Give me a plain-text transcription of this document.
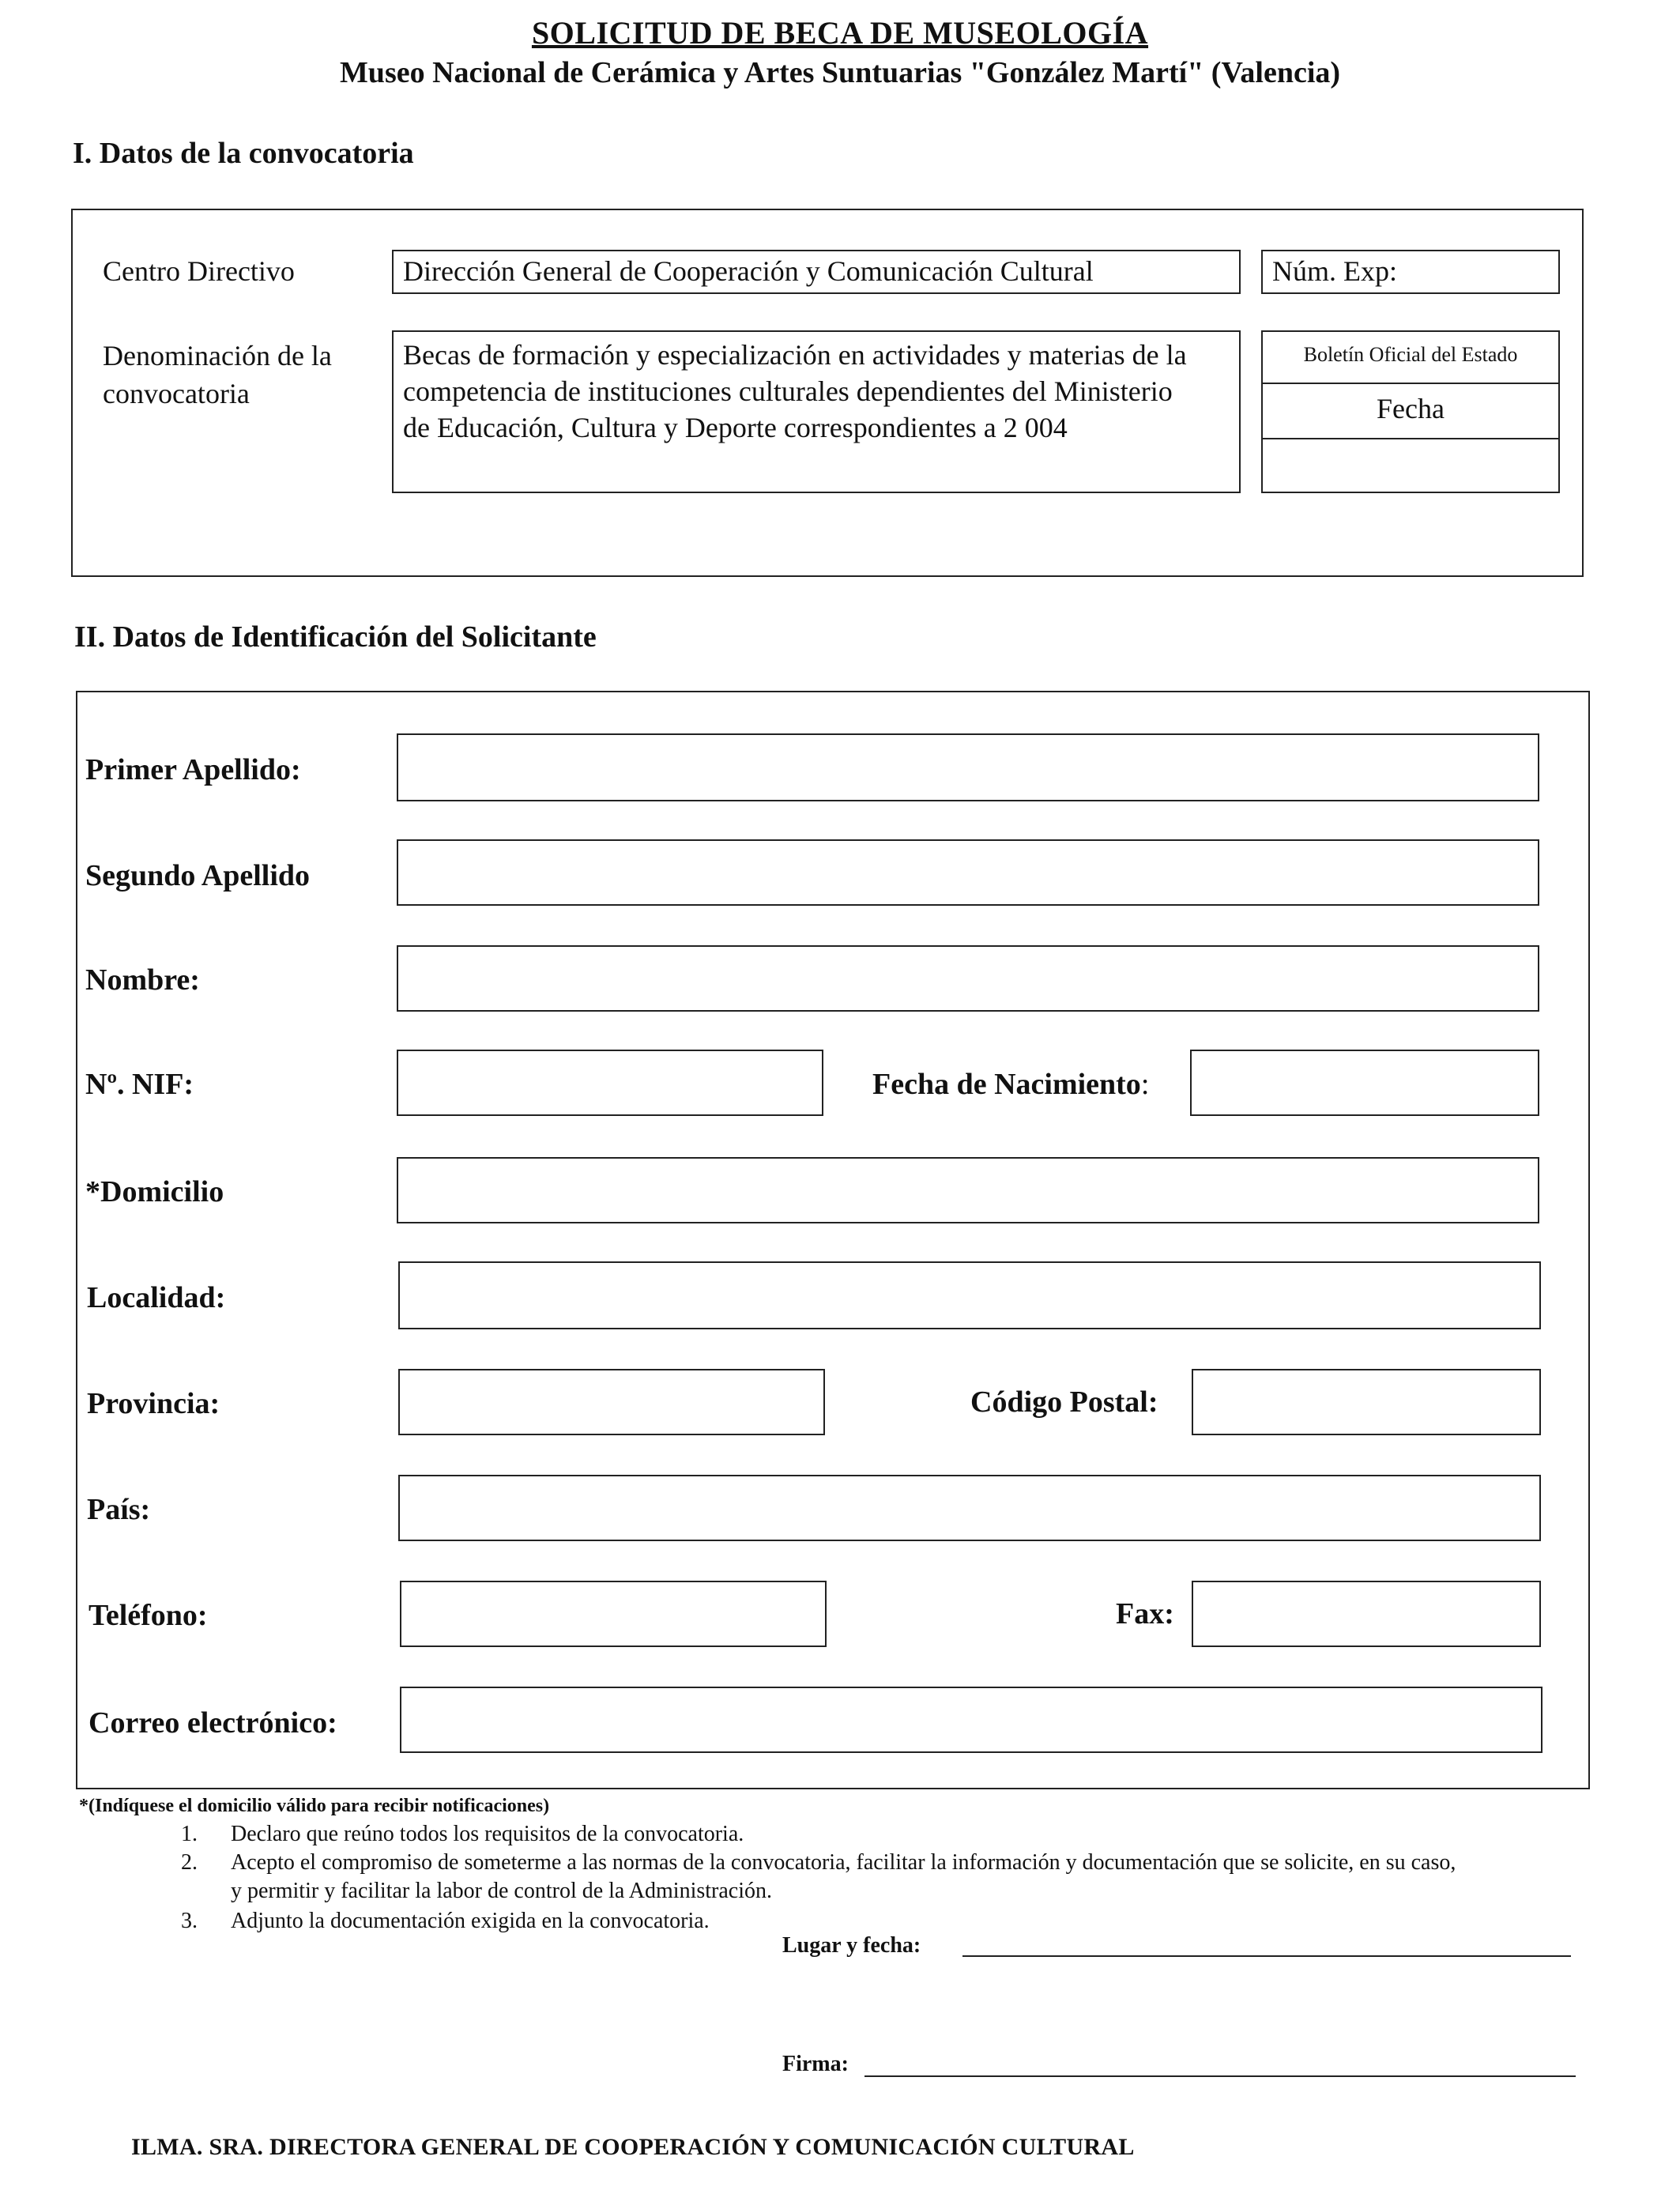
SOLICITUD DE BECA DE MUSEOLOGÍA
Museo Nacional de Cerámica y Artes Suntuarias "González Martí" (Valencia)
I. Datos de la convocatoria
Centro Directivo	Dirección General de Cooperación y Comunicación Cultural	Núm. Exp:
Denominación de la
convocatoria
Becas de formación y especialización en actividades y materias de la
competencia de instituciones culturales dependientes del Ministerio
de Educación, Cultura y Deporte correspondientes a 2 004
Boletín Oficial del Estado
Fecha
II. Datos de Identificación del Solicitante
Primer Apellido:
Segundo Apellido
Nombre:
Nº. NIF:	Fecha de Nacimiento:
*Domicilio
Localidad:
Provincia:	Código Postal:
País:
Teléfono:	Fax:
Correo electrónico:
*(Indíquese el domicilio válido para recibir notificaciones)
1. Declaro que reúno todos los requisitos de la convocatoria.
2. Acepto el compromiso de someterme a las normas de la convocatoria, facilitar la información y documentación que se solicite, en su caso,
y permitir y facilitar la labor de control de la Administración.
3. Adjunto la documentación exigida en la convocatoria.
Lugar y fecha:
Firma:
ILMA. SRA. DIRECTORA GENERAL DE COOPERACIÓN Y COMUNICACIÓN CULTURAL
